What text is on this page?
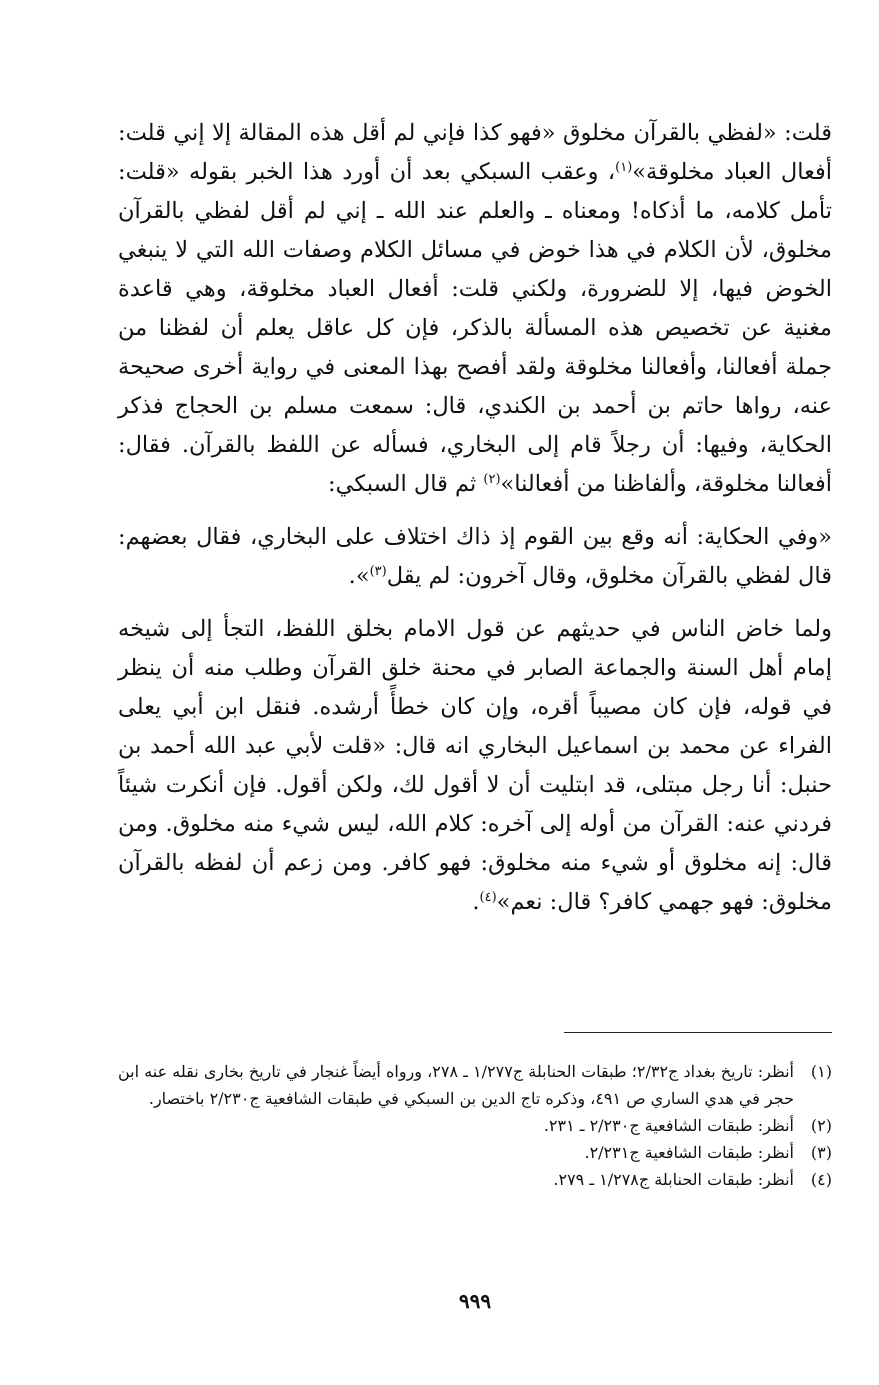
قلت: «لفظي بالقرآن مخلوق «فهو كذا فإني لم أقل هذه المقالة إلا إني قلت: أفعال العباد مخلوقة»$^{(١)}$، وعقب السبكي بعد أن أورد هذا الخبر بقوله «قلت: تأمل كلامه، ما أذكاه! ومعناه ـ والعلم عند الله ـ إني لم أقل لفظي بالقرآن مخلوق، لأن الكلام في هذا خوض في مسائل الكلام وصفات الله التي لا ينبغي الخوض فيها، إلا للضرورة، ولكني قلت: أفعال العباد مخلوقة، وهي قاعدة مغنية عن تخصيص هذه المسألة بالذكر، فإن كل عاقل يعلم أن لفظنا من جملة أفعالنا، وأفعالنا مخلوقة ولقد أفصح بهذا المعنى في رواية أخرى صحيحة عنه، رواها حاتم بن أحمد بن الكندي، قال: سمعت مسلم بن الحجاج فذكر الحكاية، وفيها: أن رجلاً قام إلى البخاري، فسأله عن اللفظ بالقرآن. فقال: أفعالنا مخلوقة، وألفاظنا من أفعالنا»$^{(٢)}$ ثم قال السبكي:

«وفي الحكاية: أنه وقع بين القوم إذ ذاك اختلاف على البخاري، فقال بعضهم: قال لفظي بالقرآن مخلوق، وقال آخرون: لم يقل$^{(٣)}$».

ولما خاض الناس في حديثهم عن قول الامام بخلق اللفظ، التجأ إلى شيخه إمام أهل السنة والجماعة الصابر في محنة خلق القرآن وطلب منه أن ينظر في قوله، فإن كان مصيباً أقره، وإن كان خطأً أرشده. فنقل ابن أبي يعلى الفراء عن محمد بن اسماعيل البخاري انه قال: «قلت لأبي عبد الله أحمد بن حنبل: أنا رجل مبتلى، قد ابتليت أن لا أقول لك، ولكن أقول. فإن أنكرت شيئاً فردني عنه: القرآن من أوله إلى آخره: كلام الله، ليس شيء منه مخلوق. ومن قال: إنه مخلوق أو شيء منه مخلوق: فهو كافر. ومن زعم أن لفظه بالقرآن مخلوق: فهو جهمي كافر؟ قال: نعم»$^{(٤)}$.

(١)
أنظر: تاريخ بغداد ج٢/٣٢؛ طبقات الحنابلة ج١/٢٧٧ ـ ٢٧٨، ورواه أيضاً غنجار في تاريخ بخارى نقله عنه ابن حجر في هدي الساري ص ٤٩١، وذكره تاج الدين بن السبكي في طبقات الشافعية ج٢/٢٣٠ باختصار.
(٢)
أنظر: طبقات الشافعية ج٢/٢٣٠ ـ ٢٣١.
(٣)
أنظر: طبقات الشافعية ج٢/٢٣١.
(٤)
أنظر: طبقات الحنابلة ج١/٢٧٨ ـ ٢٧٩.
٩٩٩
